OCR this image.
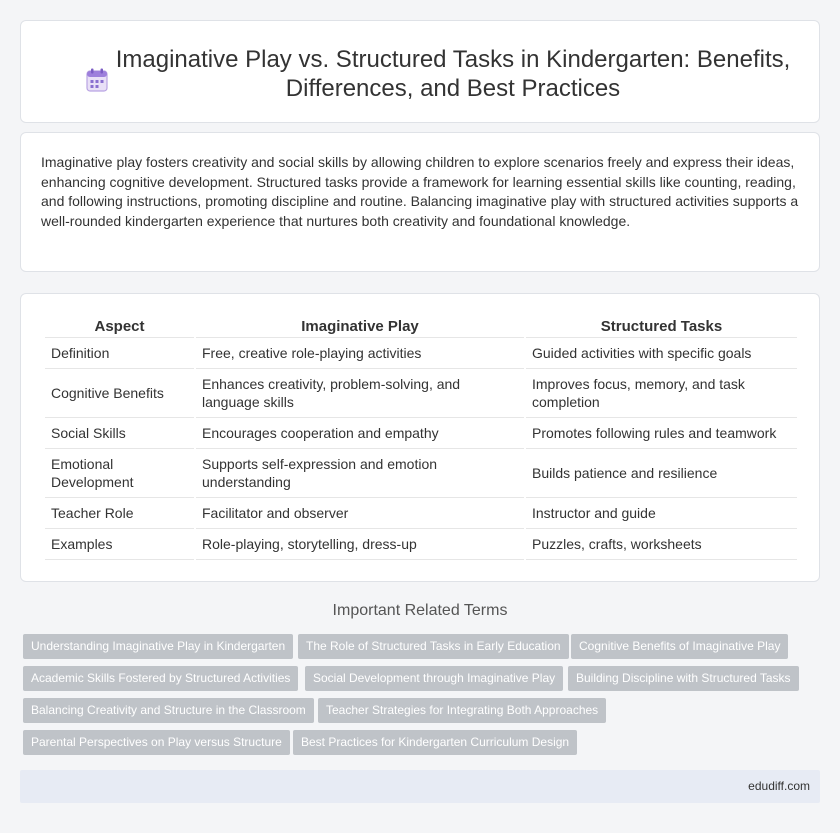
Imaginative Play vs. Structured Tasks in Kindergarten: Benefits, Differences, and Best Practices

Imaginative play fosters creativity and social skills by allowing children to explore scenarios freely and express their ideas, enhancing cognitive development. Structured tasks provide a framework for learning essential skills like counting, reading, and following instructions, promoting discipline and routine. Balancing imaginative play with structured activities supports a well-rounded kindergarten experience that nurtures both creativity and foundational knowledge.

Aspect	Imaginative Play	Structured Tasks
Definition	Free, creative role-playing activities	Guided activities with specific goals
Cognitive Benefits	Enhances creativity, problem-solving, and language skills	Improves focus, memory, and task completion
Social Skills	Encourages cooperation and empathy	Promotes following rules and teamwork
Emotional Development	Supports self-expression and emotion understanding	Builds patience and resilience
Teacher Role	Facilitator and observer	Instructor and guide
Examples	Role-playing, storytelling, dress-up	Puzzles, crafts, worksheets
Important Related Terms
Understanding Imaginative Play in Kindergarten	The Role of Structured Tasks in Early Education	Cognitive Benefits of Imaginative Play
Academic Skills Fostered by Structured Activities	Social Development through Imaginative Play	Building Discipline with Structured Tasks
Balancing Creativity and Structure in the Classroom	Teacher Strategies for Integrating Both Approaches
Parental Perspectives on Play versus Structure	Best Practices for Kindergarten Curriculum Design
edudiff.com
